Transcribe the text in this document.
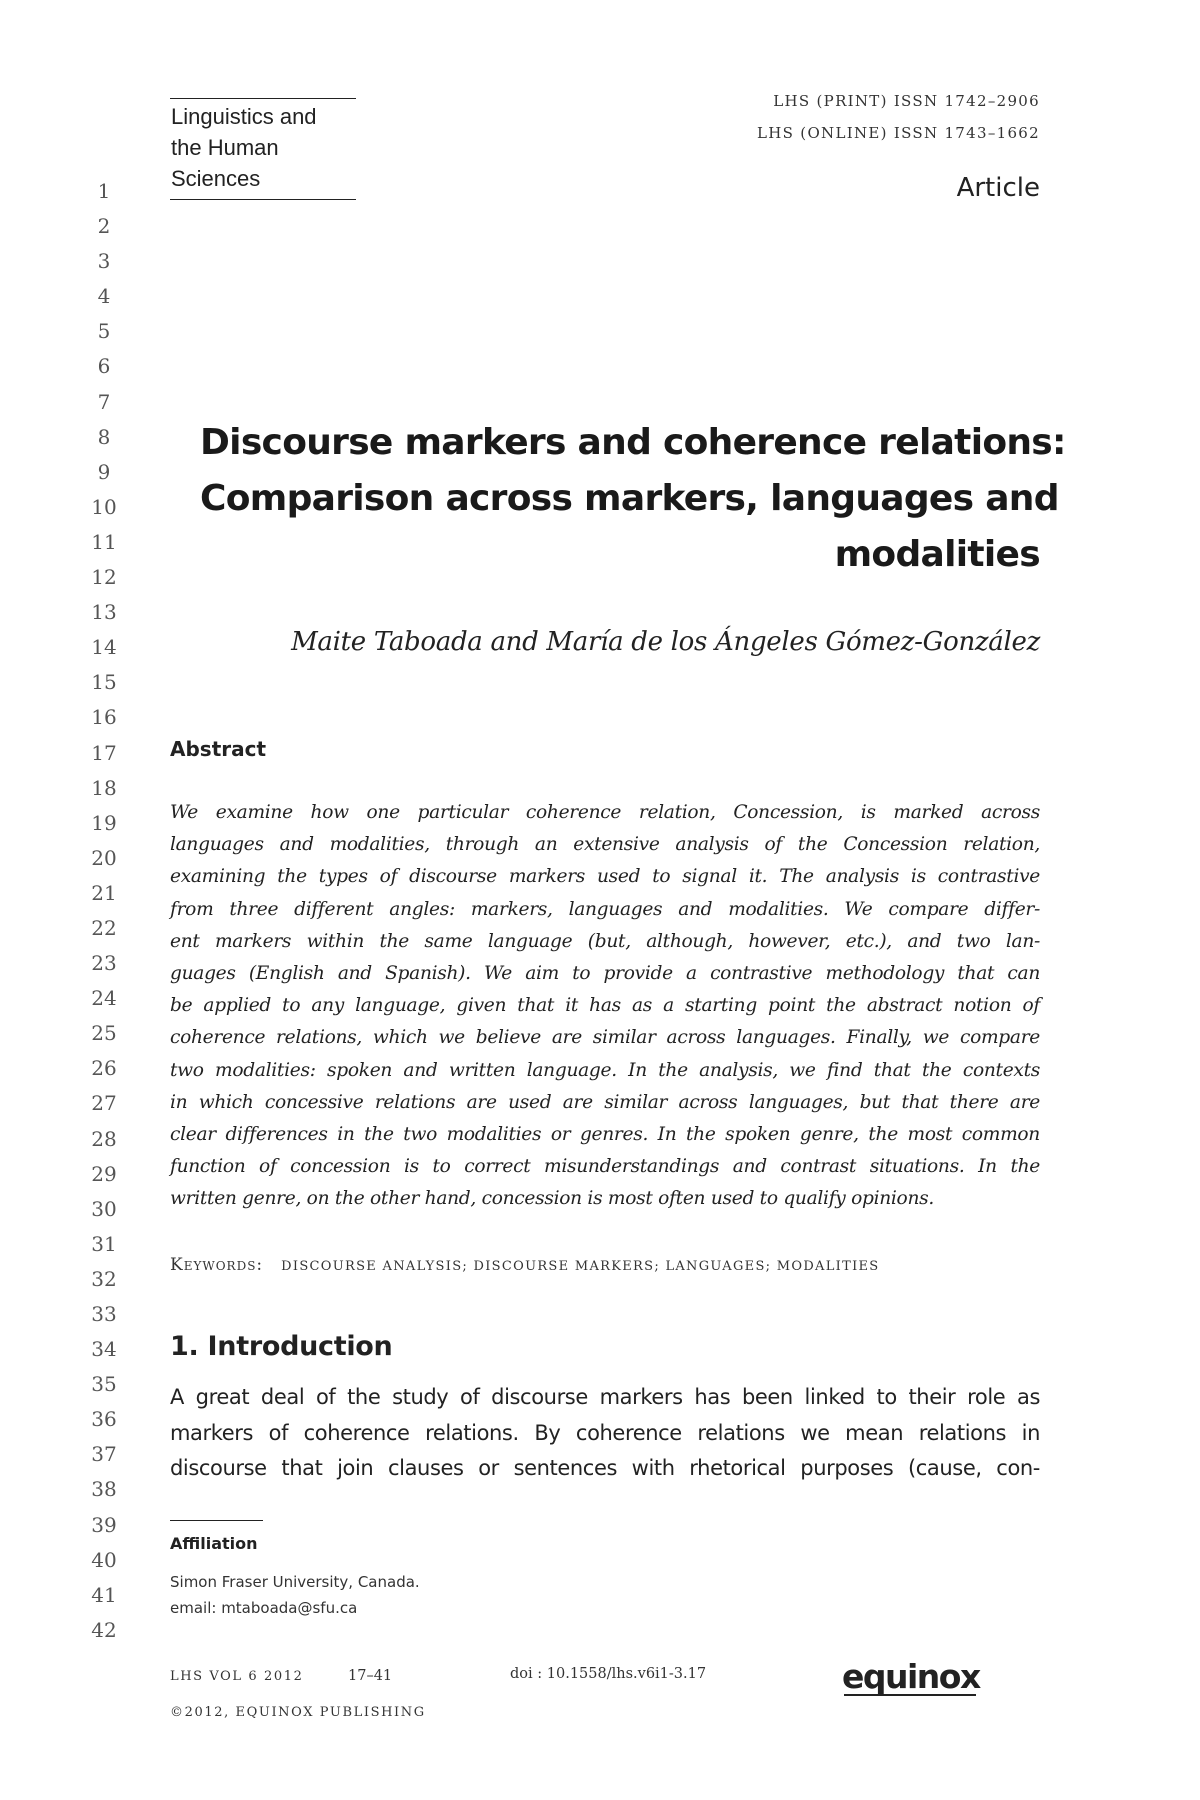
Linguistics and
the Human
Sciences
LHS (PRINT) ISSN 1742–2906
LHS (ONLINE) ISSN 1743–1662
Article
1
2
3
4
5
6
7
8
9
10
11
12
13
14
15
16
17
18
19
20
21
22
23
24
25
26
27
28
29
30
31
32
33
34
35
36
37
38
39
40
41
42
Discourse markers and coherence relations:
Comparison across markers, languages and
modalities
Maite Taboada and María de los Ángeles Gómez-González
Abstract
We examine how one particular coherence relation, Concession, is marked across
languages and modalities, through an extensive analysis of the Concession relation,
examining the types of discourse markers used to signal it. The analysis is contrastive
from three different angles: markers, languages and modalities. We compare differ-
ent markers within the same language (but, although, however, etc.), and two lan-
guages (English and Spanish). We aim to provide a contrastive methodology that can
be applied to any language, given that it has as a starting point the abstract notion of
coherence relations, which we believe are similar across languages. Finally, we compare
two modalities: spoken and written language. In the analysis, we find that the contexts
in which concessive relations are used are similar across languages, but that there are
clear differences in the two modalities or genres. In the spoken genre, the most common
function of concession is to correct misunderstandings and contrast situations. In the
written genre, on the other hand, concession is most often used to qualify opinions.
Keywords: DISCOURSE ANALYSIS; DISCOURSE MARKERS; LANGUAGES; MODALITIES
1. Introduction
A great deal of the study of discourse markers has been linked to their role as
markers of coherence relations. By coherence relations we mean relations in
discourse that join clauses or sentences with rhetorical purposes (cause, con-
Affiliation
Simon Fraser University, Canada.
email: mtaboada@sfu.ca
LHS VOL 6 2012	17–41	doi : 10.1558/lhs.v6i1-3.17
©2012, EQUINOX PUBLISHING
equinox
